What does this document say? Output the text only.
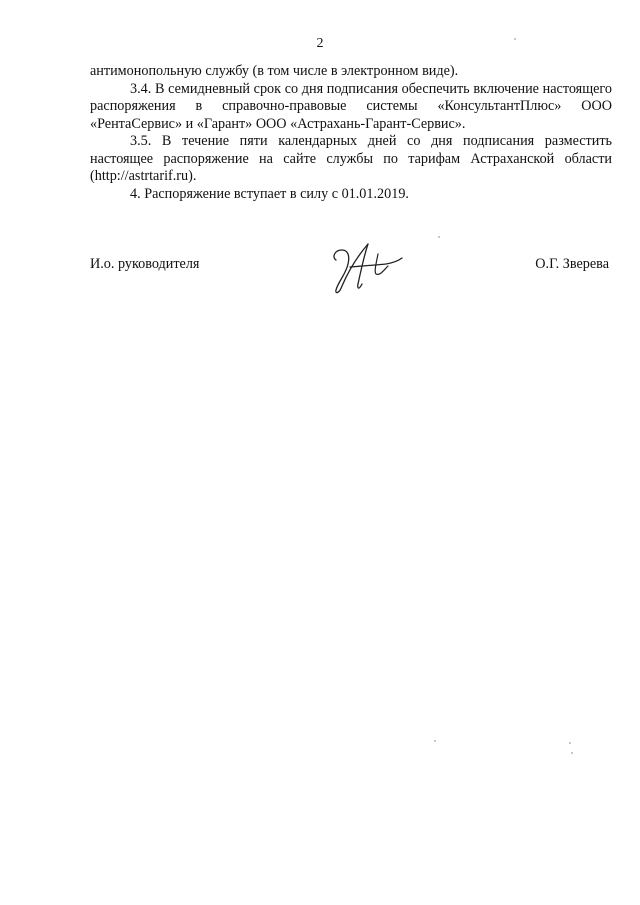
2

антимонопольную службу (в том числе в электронном виде).

3.4. В семидневный срок со дня подписания обеспечить включение настоящего распоряжения в справочно-правовые системы «КонсультантПлюс» ООО «РентаСервис» и «Гарант» ООО «Астрахань-Гарант-Сервис».

3.5. В течение пяти календарных дней со дня подписания разместить настоящее распоряжение на сайте службы по тарифам Астраханской области (http://astrtarif.ru).

4. Распоряжение вступает в силу с 01.01.2019.

И.о. руководителя	О.Г. Зверева
